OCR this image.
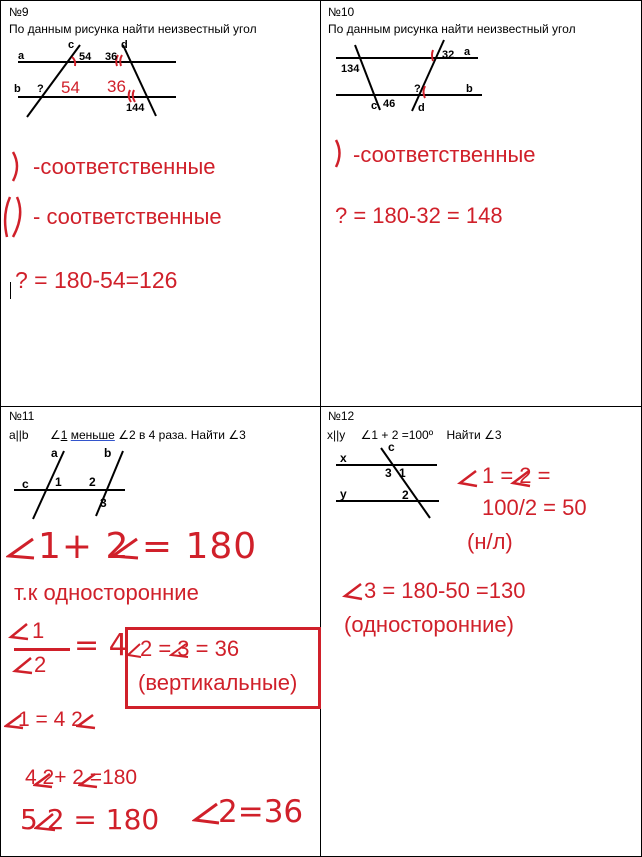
№9
По данным рисунка найти неизвестный угол
c	d
a
b ?
54 36
144
54 36
-соответственные
- соответственные
? = 180-54=126
№10
По данным рисунка найти неизвестный угол
32 a
134
?	b
c 46 d
-соответственные
? = 180-32 = 148
№11
a||b ∠1 меньше ∠2 в 4 раза. Найти ∠3
a	b
c 1 2
3
1+ 2 = 180
т.к односторонние
1
2
= 4 2 = 3 = 36
(вертикальные)
1 = 4 2
4 2+ 2 =180
5 2 = 180 2=36
№12
x||y ∠1 + 2 =100º Найти ∠3
x
y
c
3 1
2
1 = 2 =
100/2 = 50
(н/л)
3 = 180-50 =130
(односторонние)
